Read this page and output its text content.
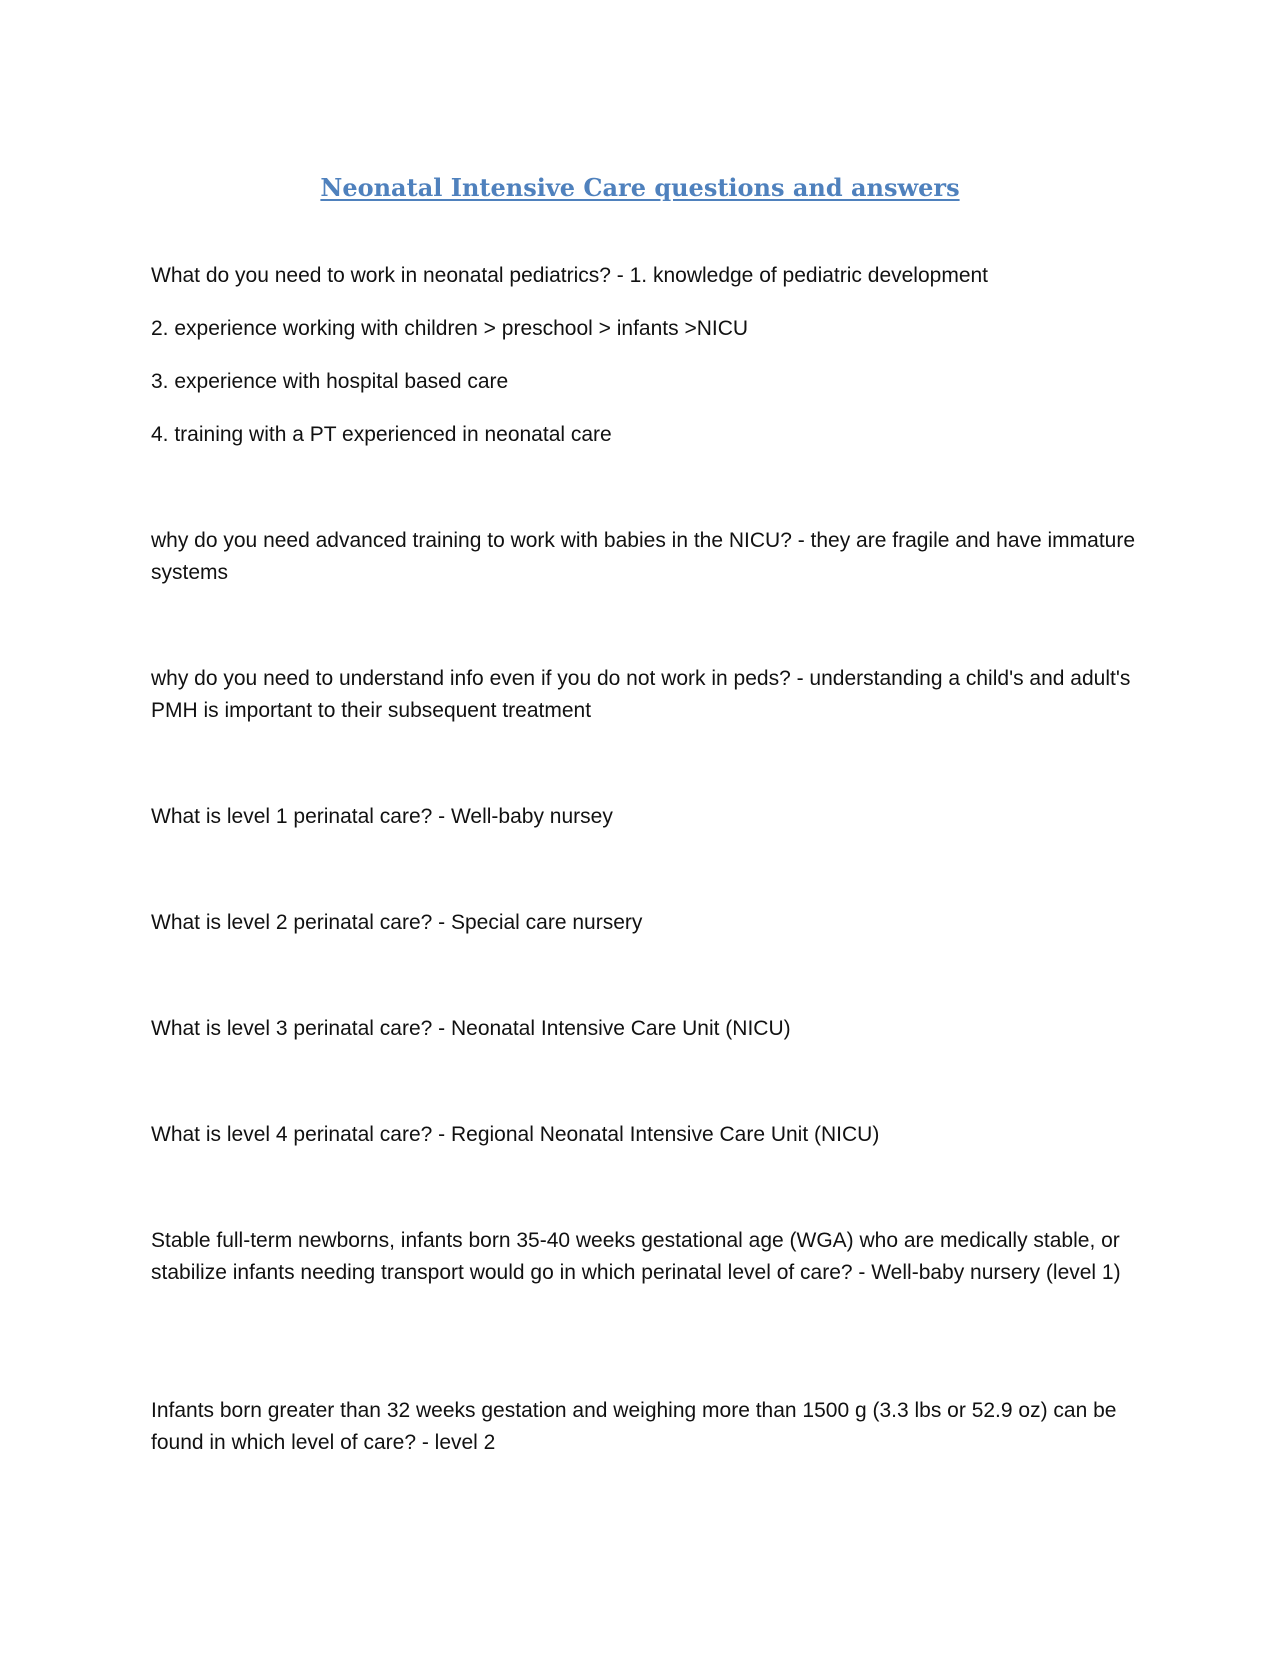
Neonatal Intensive Care questions and answers

What do you need to work in neonatal pediatrics? - 1. knowledge of pediatric development

2. experience working with children > preschool > infants >NICU

3. experience with hospital based care

4. training with a PT experienced in neonatal care

why do you need advanced training to work with babies in the NICU? - they are fragile and have immature systems

why do you need to understand info even if you do not work in peds? - understanding a child's and adult's PMH is important to their subsequent treatment

What is level 1 perinatal care? - Well-baby nursey

What is level 2 perinatal care? - Special care nursery

What is level 3 perinatal care? - Neonatal Intensive Care Unit (NICU)

What is level 4 perinatal care? - Regional Neonatal Intensive Care Unit (NICU)

Stable full-term newborns, infants born 35-40 weeks gestational age (WGA) who are medically stable, or stabilize infants needing transport would go in which perinatal level of care? - Well-baby nursery (level 1)

Infants born greater than 32 weeks gestation and weighing more than 1500 g (3.3 lbs or 52.9 oz) can be found in which level of care? - level 2
